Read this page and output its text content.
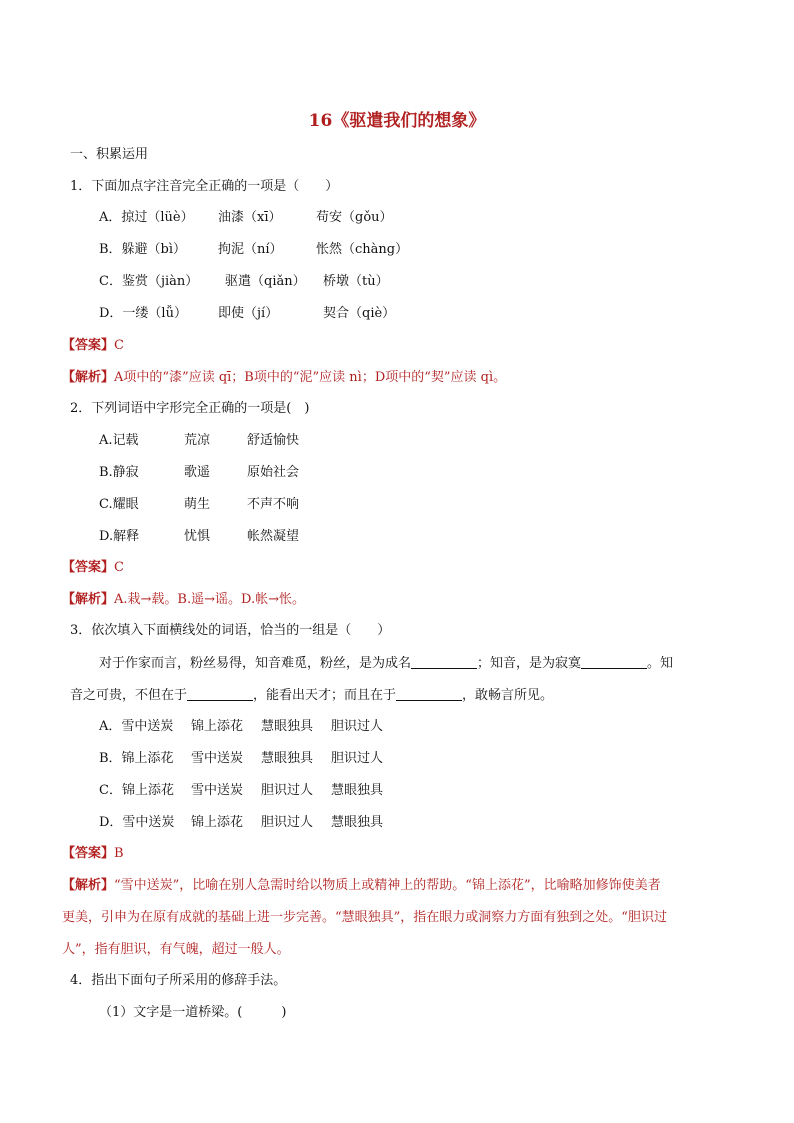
16《驱遣我们的想象》
一、积累运用
1．下面加点字注音完全正确的一项是（　　）
A．掠过（lüè） 油漆（xī）	苟安（gǒu）
B．躲避（bì） 拘泥（ní）	怅然（chàng）
C．鉴赏（jiàn） 驱遣（qiǎn） 桥墩（tù）
D．一缕（lǚ） 即使（jí）	契合（qiè）
【答案】C
【解析】A项中的“漆”应读 qī；B项中的“泥”应读 nì；D项中的“契”应读 qì。
2．下列词语中字形完全正确的一项是(　)
A.记载	荒凉	舒适愉快
B.静寂	歌遥	原始社会
C.耀眼	萌生	不声不响
D.解释	忧惧	帐然凝望
【答案】C
【解析】A.栽→载。B.遥→谣。D.帐→怅。
3．依次填入下面横线处的词语，恰当的一组是（　　）
对于作家而言，粉丝易得，知音难觅，粉丝，是为成名	；知音，是为寂寞	。知
音之可贵，不但在于	，能看出天才；而且在于	，敢畅言所见。
A．雪中送炭 锦上添花 慧眼独具 胆识过人
B．锦上添花 雪中送炭 慧眼独具 胆识过人
C．锦上添花 雪中送炭 胆识过人 慧眼独具
D．雪中送炭 锦上添花 胆识过人 慧眼独具
【答案】B
【解析】“雪中送炭”，比喻在别人急需时给以物质上或精神上的帮助。“锦上添花”，比喻略加修饰使美者
更美，引申为在原有成就的基础上进一步完善。“慧眼独具”，指在眼力或洞察力方面有独到之处。“胆识过
人”，指有胆识，有气魄，超过一般人。
4．指出下面句子所采用的修辞手法。
（1）文字是一道桥梁。(　　　)
